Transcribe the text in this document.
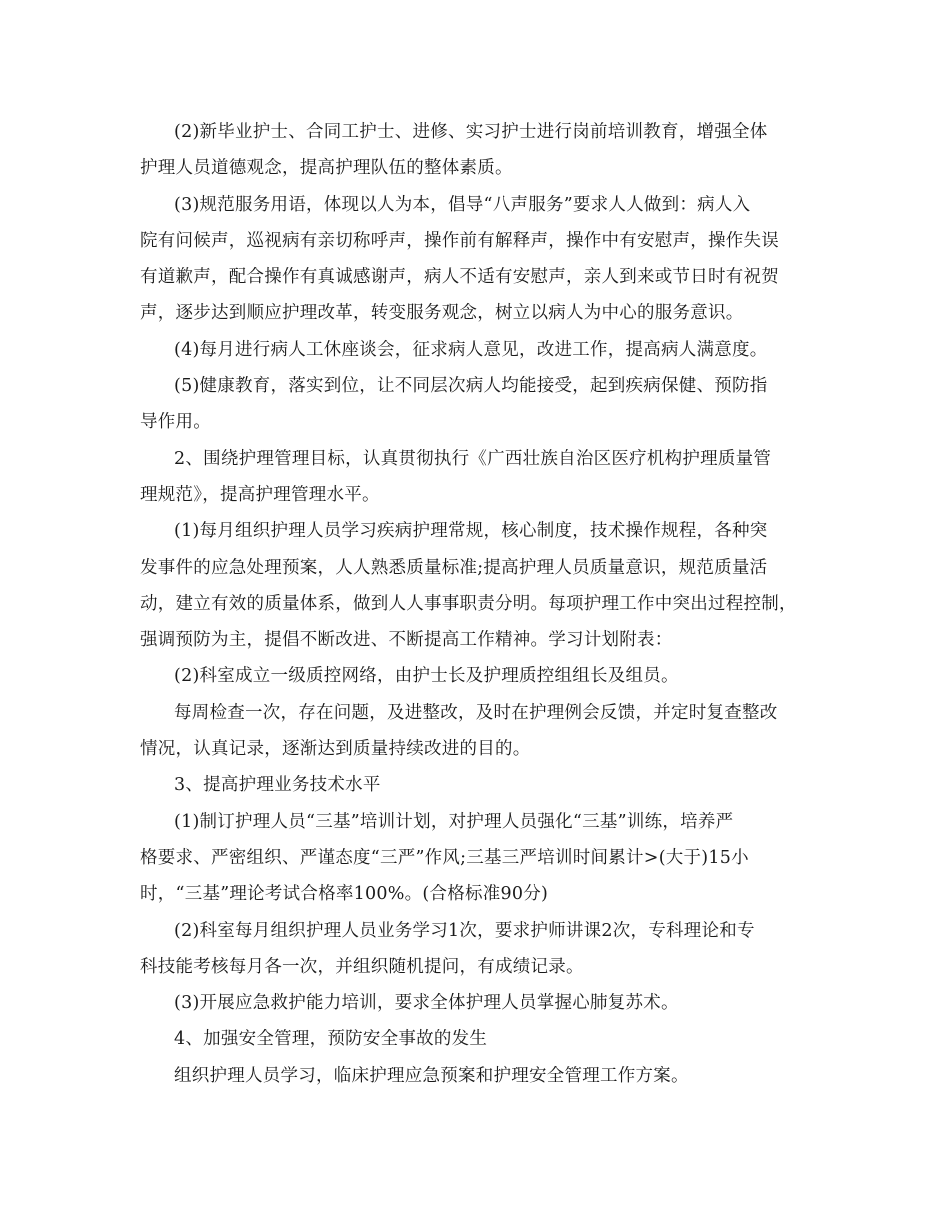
(2)新毕业护士、合同工护士、进修、实习护士进行岗前培训教育，增强全体
护理人员道德观念，提高护理队伍的整体素质。
(3)规范服务用语，体现以人为本，倡导“八声服务”要求人人做到：病人入
院有问候声，巡视病有亲切称呼声，操作前有解释声，操作中有安慰声，操作失误
有道歉声，配合操作有真诚感谢声，病人不适有安慰声，亲人到来或节日时有祝贺
声，逐步达到顺应护理改革，转变服务观念，树立以病人为中心的服务意识。
(4)每月进行病人工休座谈会，征求病人意见，改进工作，提高病人满意度。
(5)健康教育，落实到位，让不同层次病人均能接受，起到疾病保健、预防指
导作用。
2、围绕护理管理目标，认真贯彻执行《广西壮族自治区医疗机构护理质量管
理规范》，提高护理管理水平。
(1)每月组织护理人员学习疾病护理常规，核心制度，技术操作规程，各种突
发事件的应急处理预案，人人熟悉质量标准;提高护理人员质量意识，规范质量活
动，建立有效的质量体系，做到人人事事职责分明。每项护理工作中突出过程控制，
强调预防为主，提倡不断改进、不断提高工作精神。学习计划附表：
(2)科室成立一级质控网络，由护士长及护理质控组组长及组员。
每周检查一次，存在问题，及进整改，及时在护理例会反馈，并定时复查整改
情况，认真记录，逐渐达到质量持续改进的目的。
3、提高护理业务技术水平
(1)制订护理人员“三基”培训计划，对护理人员强化“三基”训练，培养严
格要求、严密组织、严谨态度“三严”作风;三基三严培训时间累计>(大于)15小
时，“三基”理论考试合格率100%。(合格标准90分)
(2)科室每月组织护理人员业务学习1次，要求护师讲课2次，专科理论和专
科技能考核每月各一次，并组织随机提问，有成绩记录。
(3)开展应急救护能力培训，要求全体护理人员掌握心肺复苏术。
4、加强安全管理，预防安全事故的发生
组织护理人员学习，临床护理应急预案和护理安全管理工作方案。
